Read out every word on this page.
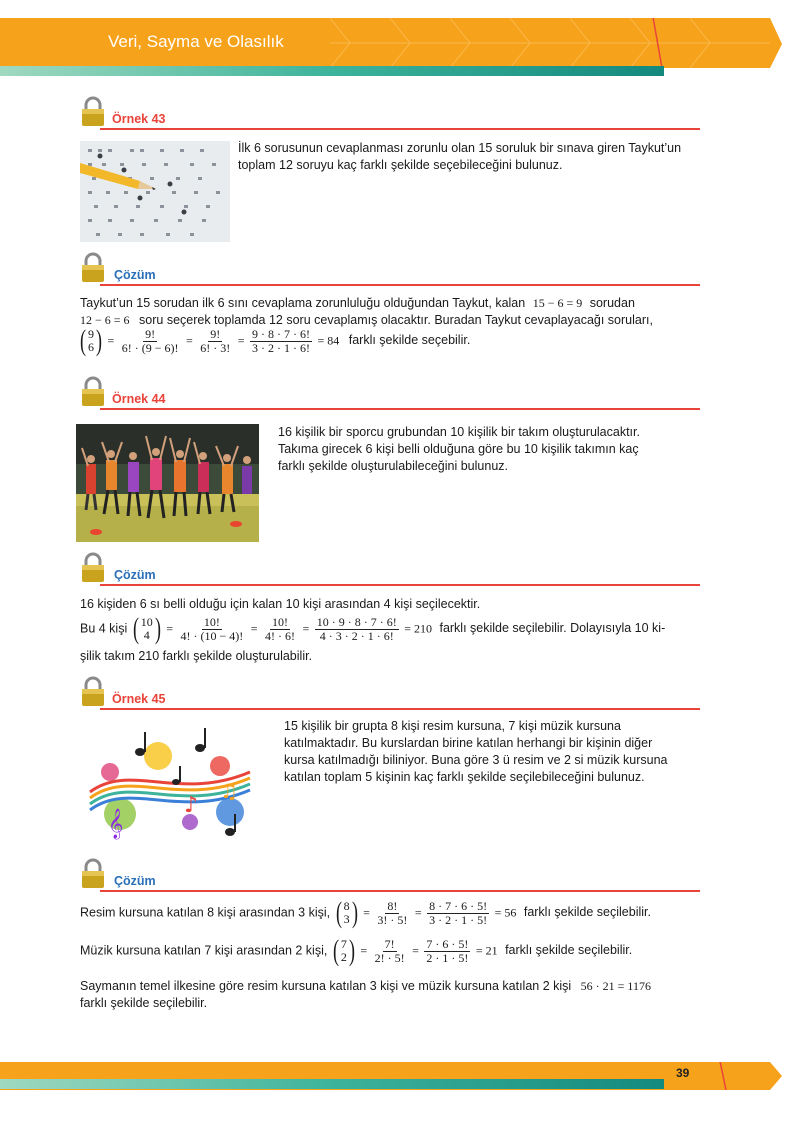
Veri, Sayma ve Olasılık
Örnek 43
İlk 6 sorusunun cevaplanması zorunlu olan 15 soruluk bir sınava giren Taykut’un
toplam 12 soruyu kaç farklı şekilde seçebileceğini bulunuz.
Çözüm
Taykut’un 15 sorudan ilk 6 sını cevaplama zorunluluğu olduğundan Taykut, kalan 15 − 6 = 9 sorudan
12 − 6 = 6 soru seçerek toplamda 12 soru cevaplamış olacaktır. Buradan Taykut cevaplayacağı soruları,
( 9
6 ) = $\frac{9!}{6! \cdot (9 - 6)!} = \frac{9!}{6! \cdot 3!} = \frac{9 \cdot 8 \cdot 7 \cdot 6!}{3 \cdot 2 \cdot 1 \cdot 6!} = 84$ farklı şekilde seçebilir.
Örnek 44
16 kişilik bir sporcu grubundan 10 kişilik bir takım oluşturulacaktır.
Takıma girecek 6 kişi belli olduğuna göre bu 10 kişilik takımın kaç
farklı şekilde oluşturulabileceğini bulunuz.
Çözüm
16 kişiden 6 sı belli olduğu için kalan 10 kişi arasından 4 kişi seçilecektir.
Bu 4 kişi ( 10
4 ) = $\frac{10!}{4! \cdot (10 - 4)!} = \frac{10!}{4! \cdot 6!} = \frac{10 \cdot 9 \cdot 8 \cdot 7 \cdot 6!}{4 \cdot 3 \cdot 2 \cdot 1 \cdot 6!} = 210$ farklı şekilde seçilebilir. Dolayısıyla 10 ki-
şilik takım 210 farklı şekilde oluşturulabilir.
Örnek 45
𝄞
♪
♫
15 kişilik bir grupta 8 kişi resim kursuna, 7 kişi müzik kursuna
katılmaktadır. Bu kurslardan birine katılan herhangi bir kişinin diğer
kursa katılmadığı biliniyor. Buna göre 3 ü resim ve 2 si müzik kursuna
katılan toplam 5 kişinin kaç farklı şekilde seçilebileceğini bulunuz.
Çözüm
Resim kursuna katılan 8 kişi arasından 3 kişi, ( 8
3 ) = $\frac{8!}{3! \cdot 5!} = \frac{8 \cdot 7 \cdot 6 \cdot 5!}{3 \cdot 2 \cdot 1 \cdot 5!} = 56$ farklı şekilde seçilebilir.
Müzik kursuna katılan 7 kişi arasından 2 kişi, ( 7
2 ) = $\frac{7!}{2! \cdot 5!} = \frac{7 \cdot 6 \cdot 5!}{2 \cdot 1 \cdot 5!} = 21$ farklı şekilde seçilebilir.
Saymanın temel ilkesine göre resim kursuna katılan 3 kişi ve müzik kursuna katılan 2 kişi 56 · 21 = 1176
farklı şekilde seçilebilir.
39
